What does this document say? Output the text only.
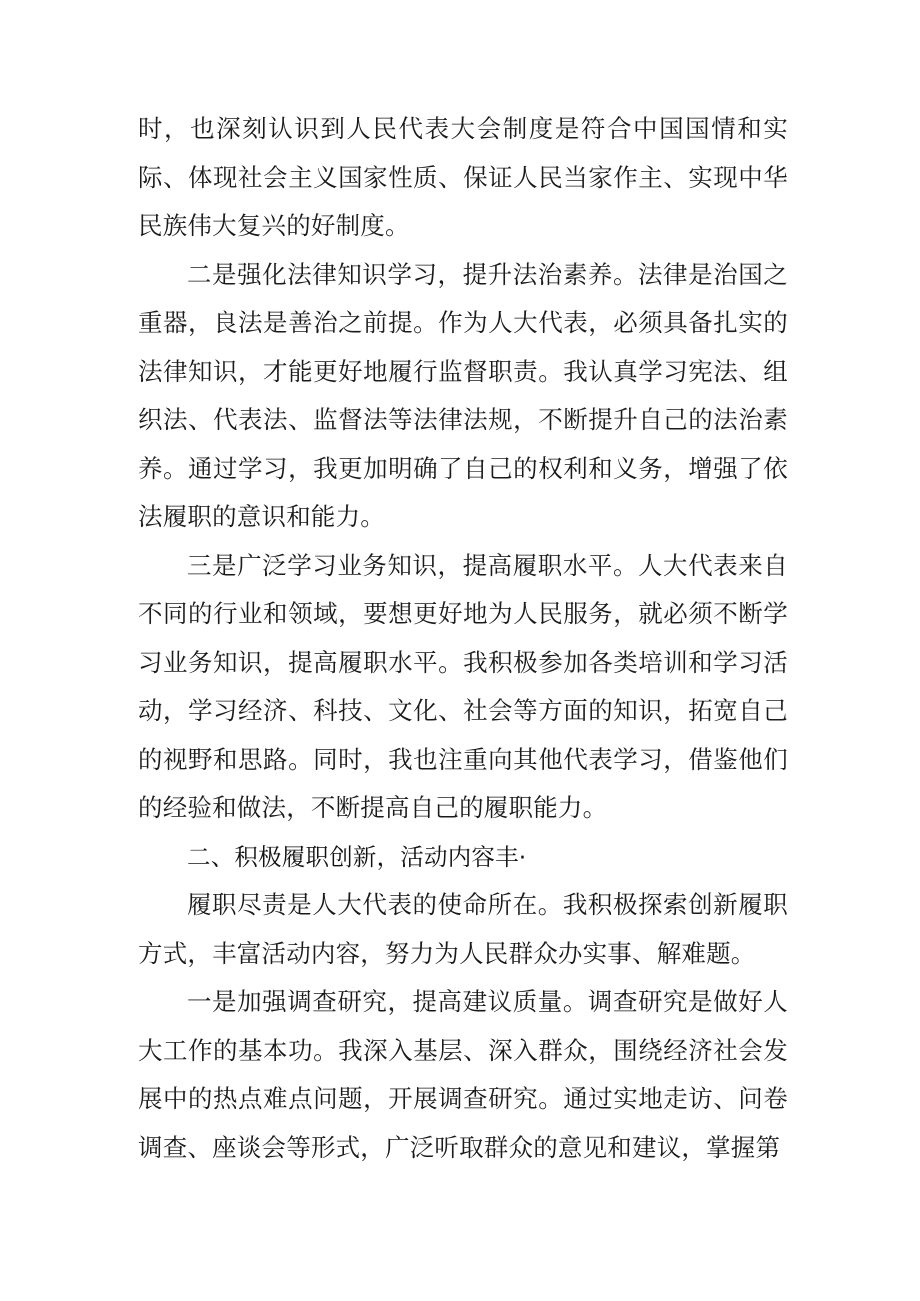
时，也深刻认识到人民代表大会制度是符合中国国情和实际、体现社会主义国家性质、保证人民当家作主、实现中华民族伟大复兴的好制度。

二是强化法律知识学习，提升法治素养。法律是治国之重器，良法是善治之前提。作为人大代表，必须具备扎实的法律知识，才能更好地履行监督职责。我认真学习宪法、组织法、代表法、监督法等法律法规，不断提升自己的法治素养。通过学习，我更加明确了自己的权利和义务，增强了依法履职的意识和能力。

三是广泛学习业务知识，提高履职水平。人大代表来自不同的行业和领域，要想更好地为人民服务，就必须不断学习业务知识，提高履职水平。我积极参加各类培训和学习活动，学习经济、科技、文化、社会等方面的知识，拓宽自己的视野和思路。同时，我也注重向其他代表学习，借鉴他们的经验和做法，不断提高自己的履职能力。

二、积极履职创新，活动内容丰·

履职尽责是人大代表的使命所在。我积极探索创新履职方式，丰富活动内容，努力为人民群众办实事、解难题。

一是加强调查研究，提高建议质量。调查研究是做好人大工作的基本功。我深入基层、深入群众，围绕经济社会发展中的热点难点问题，开展调查研究。通过实地走访、问卷调查、座谈会等形式，广泛听取群众的意见和建议，掌握第
